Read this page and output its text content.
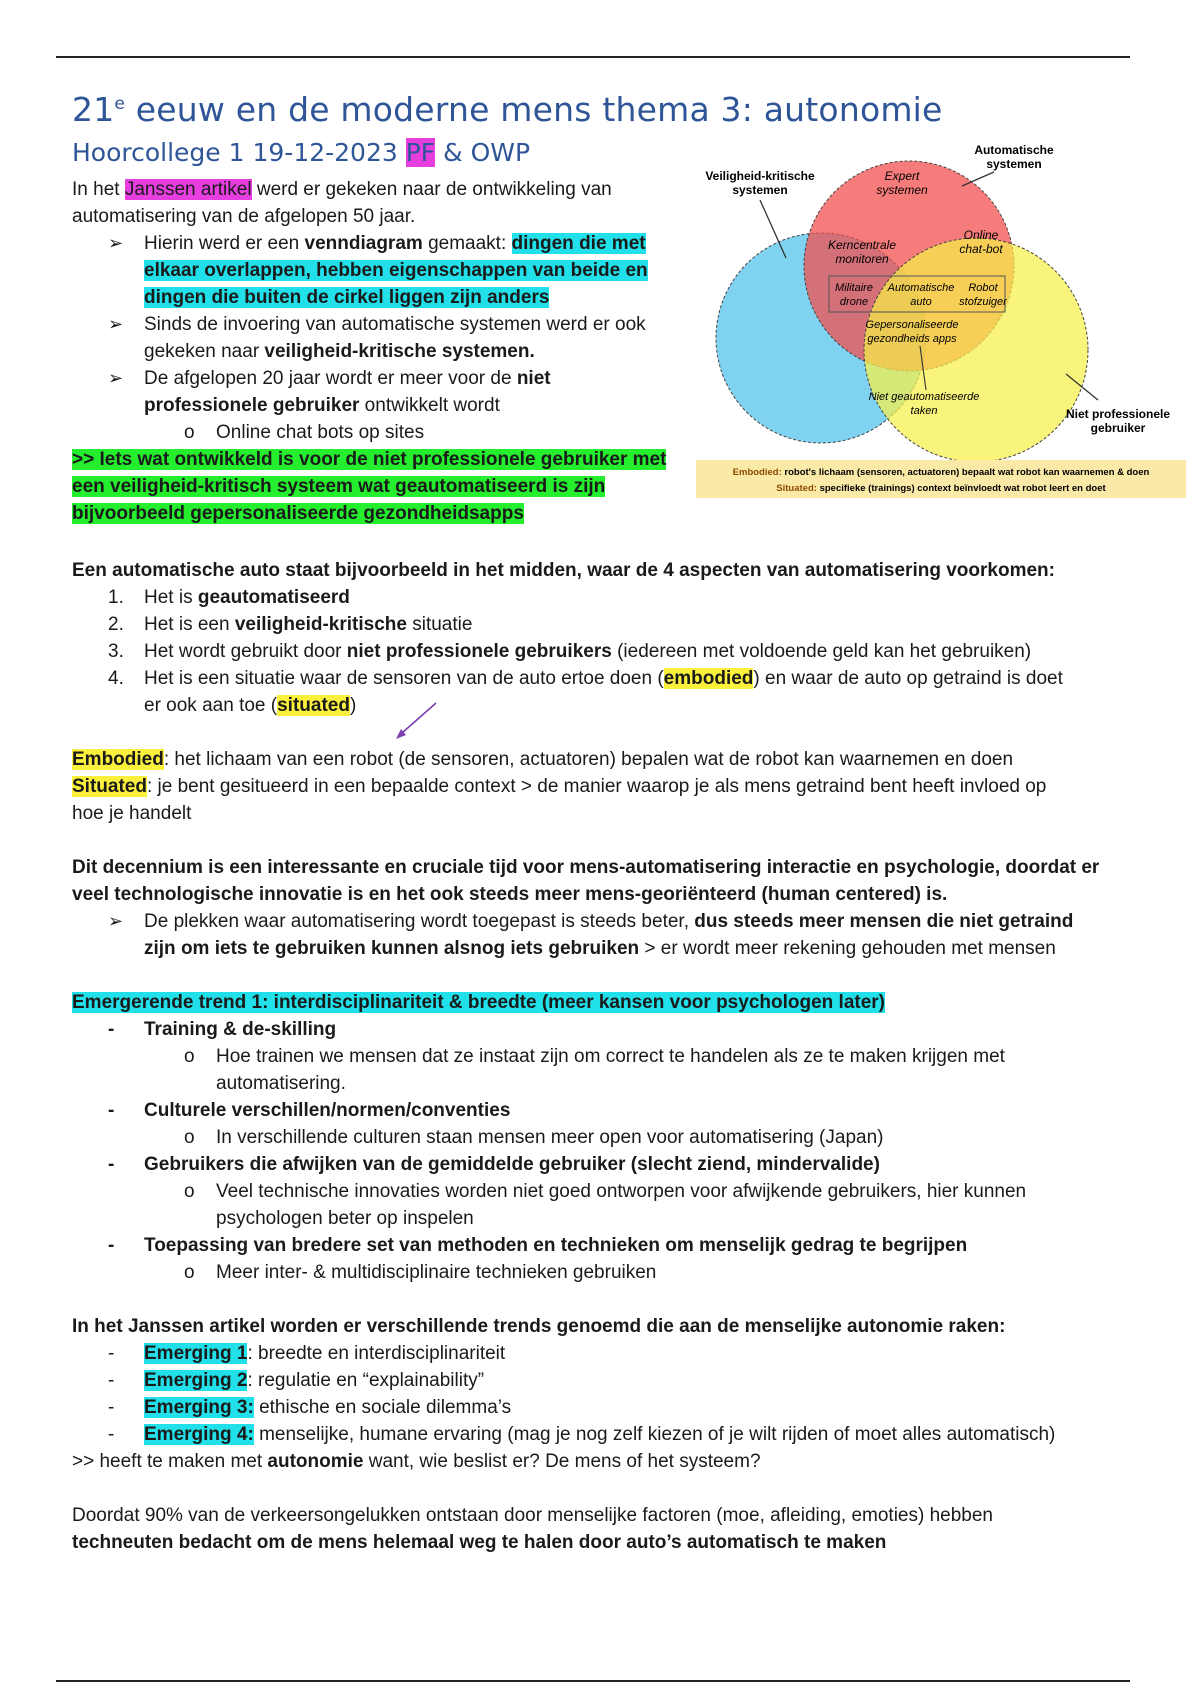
21e eeuw en de moderne mens thema 3: autonomie
Hoorcollege 1 19-12-2023 PF & OWP

In het Janssen artikel werd er gekeken naar de ontwikkeling van

automatisering van de afgelopen 50 jaar.

➢ Hierin werd er een venndiagram gemaakt: dingen die met

elkaar overlappen, hebben eigenschappen van beide en

dingen die buiten de cirkel liggen zijn anders

➢ Sinds de invoering van automatische systemen werd er ook

gekeken naar veiligheid-kritische systemen.

➢ De afgelopen 20 jaar wordt er meer voor de niet

professionele gebruiker ontwikkelt wordt

o Online chat bots op sites

>> Iets wat ontwikkeld is voor de niet professionele gebruiker met

een veiligheid-kritisch systeem wat geautomatiseerd is zijn

bijvoorbeeld gepersonaliseerde gezondheidsapps

Een automatische auto staat bijvoorbeeld in het midden, waar de 4 aspecten van automatisering voorkomen:

1. Het is geautomatiseerd

2. Het is een veiligheid-kritische situatie

3. Het wordt gebruikt door niet professionele gebruikers (iedereen met voldoende geld kan het gebruiken)

4. Het is een situatie waar de sensoren van de auto ertoe doen (embodied) en waar de auto op getraind is doet

er ook aan toe (situated)

Embodied: het lichaam van een robot (de sensoren, actuatoren) bepalen wat de robot kan waarnemen en doen

Situated: je bent gesitueerd in een bepaalde context > de manier waarop je als mens getraind bent heeft invloed op

hoe je handelt

Dit decennium is een interessante en cruciale tijd voor mens-automatisering interactie en psychologie, doordat er

veel technologische innovatie is en het ook steeds meer mens-georiënteerd (human centered) is.

➢ De plekken waar automatisering wordt toegepast is steeds beter, dus steeds meer mensen die niet getraind

zijn om iets te gebruiken kunnen alsnog iets gebruiken > er wordt meer rekening gehouden met mensen

Emergerende trend 1: interdisciplinariteit & breedte (meer kansen voor psychologen later)

- Training & de-skilling

o Hoe trainen we mensen dat ze instaat zijn om correct te handelen als ze te maken krijgen met

automatisering.

- Culturele verschillen/normen/conventies

o In verschillende culturen staan mensen meer open voor automatisering (Japan)

- Gebruikers die afwijken van de gemiddelde gebruiker (slecht ziend, mindervalide)

o Veel technische innovaties worden niet goed ontworpen voor afwijkende gebruikers, hier kunnen

psychologen beter op inspelen

- Toepassing van bredere set van methoden en technieken om menselijk gedrag te begrijpen

o Meer inter- & multidisciplinaire technieken gebruiken

In het Janssen artikel worden er verschillende trends genoemd die aan de menselijke autonomie raken:

- Emerging 1: breedte en interdisciplinariteit

- Emerging 2: regulatie en “explainability”

- Emerging 3: ethische en sociale dilemma’s

- Emerging 4: menselijke, humane ervaring (mag je nog zelf kiezen of je wilt rijden of moet alles automatisch)

>> heeft te maken met autonomie want, wie beslist er? De mens of het systeem?

Doordat 90% van de verkeersongelukken ontstaan door menselijke factoren (moe, afleiding, emoties) hebben

techneuten bedacht om de mens helemaal weg te halen door auto’s automatisch te maken

Automatische
systemen
Veiligheid-kritische
systemen
Expert
systemen
Kerncentrale
monitoren
Online
chat-bot
Militaire
drone
Automatische
auto
Robot
stofzuiger
Gepersonaliseerde
gezondheids apps
Niet geautomatiseerde
taken	Niet professionele
gebruiker
Embodied: robot's lichaam (sensoren, actuatoren) bepaalt wat robot kan waarnemen & doen
Situated: specifieke (trainings) context beïnvloedt wat robot leert en doet
